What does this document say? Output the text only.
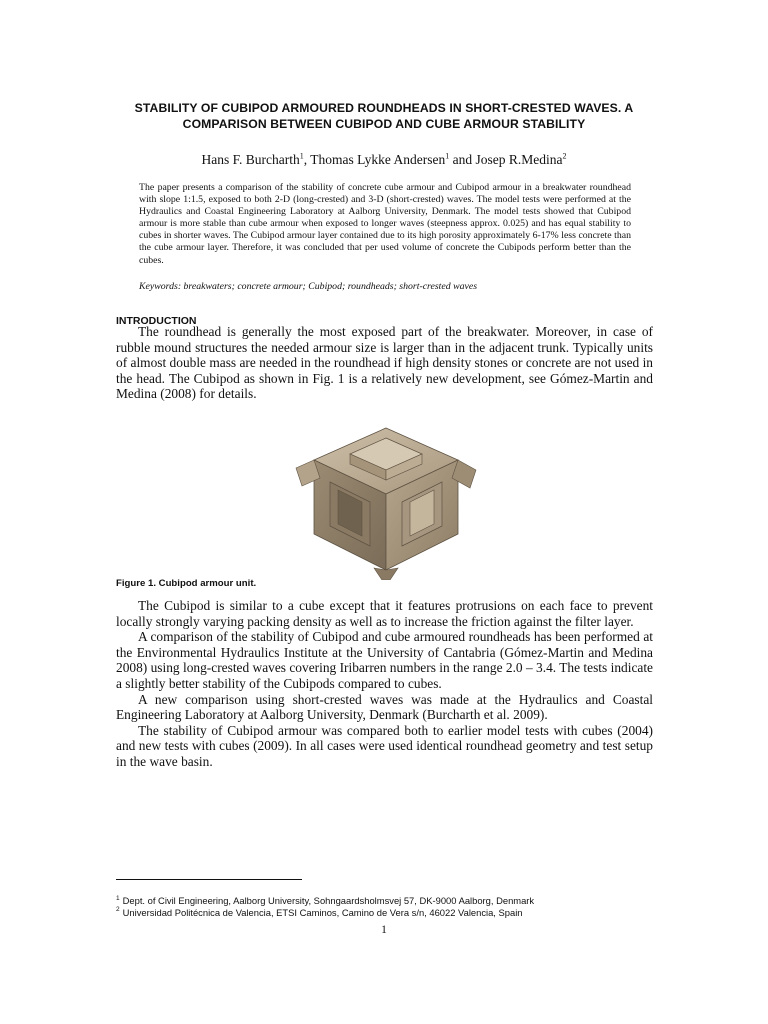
STABILITY OF CUBIPOD ARMOURED ROUNDHEADS IN SHORT-CRESTED WAVES. A
COMPARISON BETWEEN CUBIPOD AND CUBE ARMOUR STABILITY
Hans F. Burcharth$^1$, Thomas Lykke Andersen$^1$ and Josep R.Medina$^2$

The paper presents a comparison of the stability of concrete cube armour and Cubipod armour in a breakwater roundhead with slope 1:1.5, exposed to both 2-D (long-crested) and 3-D (short-crested) waves. The model tests were performed at the Hydraulics and Coastal Engineering Laboratory at Aalborg University, Denmark. The model tests showed that Cubipod armour is more stable than cube armour when exposed to longer waves (steepness approx. 0.025) and has equal stability to cubes in shorter waves. The Cubipod armour layer contained due to its high porosity approximately 6-17% less concrete than the cube armour layer. Therefore, it was concluded that per used volume of concrete the Cubipods perform better than the cubes.

Keywords: breakwaters; concrete armour; Cubipod; roundheads; short-crested waves

INTRODUCTION

The roundhead is generally the most exposed part of the breakwater. Moreover, in case of rubble mound structures the needed armour size is larger than in the adjacent trunk. Typically units of almost double mass are needed in the roundhead if high density stones or concrete are not used in the head. The Cubipod as shown in Fig. 1 is a relatively new development, see Gómez-Martin and Medina (2008) for details.

Figure 1. Cubipod armour unit.

The Cubipod is similar to a cube except that it features protrusions on each face to prevent locally strongly varying packing density as well as to increase the friction against the filter layer.

A comparison of the stability of Cubipod and cube armoured roundheads has been performed at the Environmental Hydraulics Institute at the University of Cantabria (Gómez-Martin and Medina 2008) using long-crested waves covering Iribarren numbers in the range 2.0 – 3.4. The tests indicate a slightly better stability of the Cubipods compared to cubes.

A new comparison using short-crested waves was made at the Hydraulics and Coastal Engineering Laboratory at Aalborg University, Denmark (Burcharth et al. 2009).

The stability of Cubipod armour was compared both to earlier model tests with cubes (2004) and new tests with cubes (2009). In all cases were used identical roundhead geometry and test setup in the wave basin.

$^1$ Dept. of Civil Engineering, Aalborg University, Sohngaardsholmsvej 57, DK-9000 Aalborg, Denmark
$^2$ Universidad Politécnica de Valencia, ETSI Caminos, Camino de Vera s/n, 46022 Valencia, Spain
1
